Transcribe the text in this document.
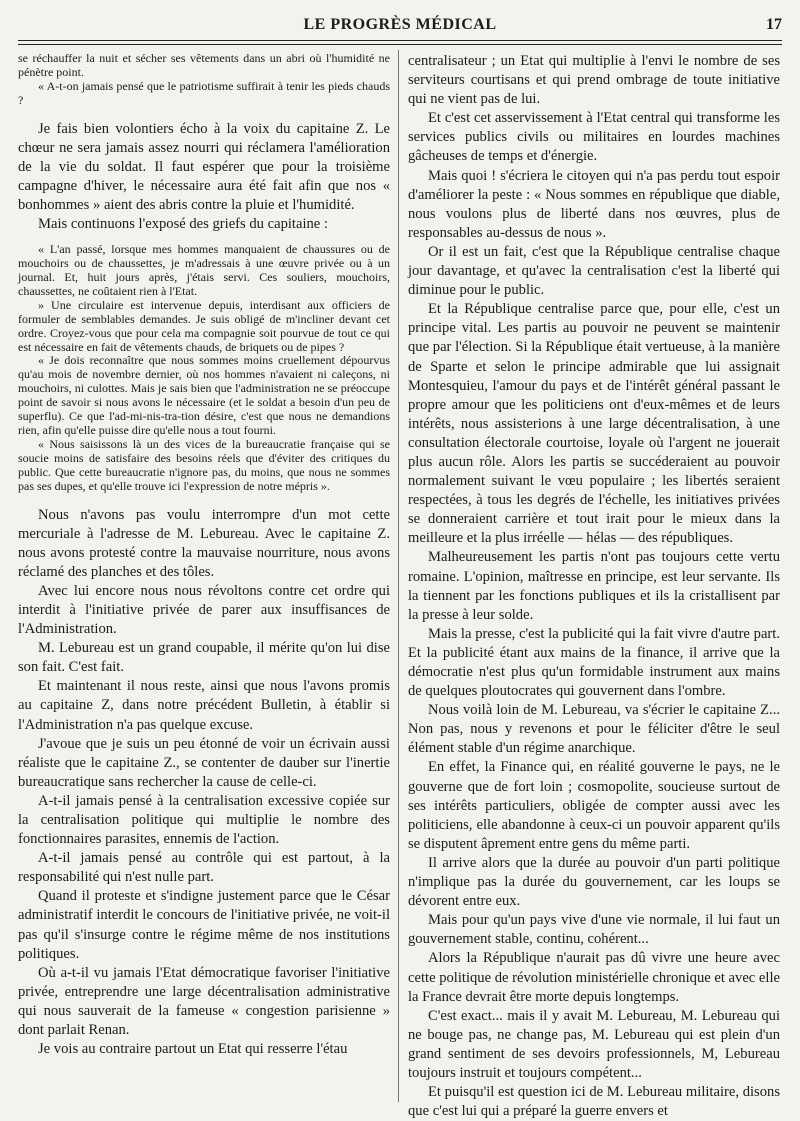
LE PROGRÈS MÉDICAL	17

se réchauffer la nuit et sécher ses vêtements dans un abri où l'humidité ne pénètre point.

« A-t-on jamais pensé que le patriotisme suffirait à tenir les pieds chauds ?

Je fais bien volontiers écho à la voix du capitaine Z. Le chœur ne sera jamais assez nourri qui réclamera l'amélioration de la vie du soldat. Il faut espérer que pour la troisième campagne d'hiver, le nécessaire aura été fait afin que nos « bonhommes » aient des abris contre la pluie et l'humidité.

Mais continuons l'exposé des griefs du capitaine :

« L'an passé, lorsque mes hommes manquaient de chaussures ou de mouchoirs ou de chaussettes, je m'adressais à une œuvre privée ou à un journal. Et, huit jours après, j'étais servi. Ces souliers, mouchoirs, chaussettes, ne coûtaient rien à l'Etat.

» Une circulaire est intervenue depuis, interdisant aux officiers de formuler de semblables demandes. Je suis obligé de m'incliner devant cet ordre. Croyez-vous que pour cela ma compagnie soit pourvue de tout ce qui est nécessaire en fait de vêtements chauds, de briquets ou de pipes ?

« Je dois reconnaître que nous sommes moins cruellement dépourvus qu'au mois de novembre dernier, où nos hommes n'avaient ni caleçons, ni mouchoirs, ni culottes. Mais je sais bien que l'administration ne se préoccupe point de savoir si nous avons le nécessaire (et le soldat a besoin d'un peu de superflu). Ce que l'ad-mi-nis-tra-tion désire, c'est que nous ne demandions rien, afin qu'elle puisse dire qu'elle nous a tout fourni.

« Nous saisissons là un des vices de la bureaucratie française qui se soucie moins de satisfaire des besoins réels que d'éviter des critiques du public. Que cette bureaucratie n'ignore pas, du moins, que nous ne sommes pas ses dupes, et qu'elle trouve ici l'expression de notre mépris ».

Nous n'avons pas voulu interrompre d'un mot cette mercuriale à l'adresse de M. Lebureau. Avec le capitaine Z. nous avons protesté contre la mauvaise nourriture, nous avons réclamé des planches et des tôles.

Avec lui encore nous nous révoltons contre cet ordre qui interdit à l'initiative privée de parer aux insuffisances de l'Administration.

M. Lebureau est un grand coupable, il mérite qu'on lui dise son fait. C'est fait.

Et maintenant il nous reste, ainsi que nous l'avons promis au capitaine Z, dans notre précédent Bulletin, à établir si l'Administration n'a pas quelque excuse.

J'avoue que je suis un peu étonné de voir un écrivain aussi réaliste que le capitaine Z., se contenter de dauber sur l'inertie bureaucratique sans rechercher la cause de celle-ci.

A-t-il jamais pensé à la centralisation excessive copiée sur la centralisation politique qui multiplie le nombre des fonctionnaires parasites, ennemis de l'action.

A-t-il jamais pensé au contrôle qui est partout, à la responsabilité qui n'est nulle part.

Quand il proteste et s'indigne justement parce que le César administratif interdit le concours de l'initiative privée, ne voit-il pas qu'il s'insurge contre le régime même de nos institutions politiques.

Où a-t-il vu jamais l'Etat démocratique favoriser l'initiative privée, entreprendre une large décentralisation administrative qui nous sauverait de la fameuse « congestion parisienne » dont parlait Renan.

Je vois au contraire partout un Etat qui resserre l'étau

centralisateur ; un Etat qui multiplie à l'envi le nombre de ses serviteurs courtisans et qui prend ombrage de toute initiative qui ne vient pas de lui.

Et c'est cet asservissement à l'Etat central qui transforme les services publics civils ou militaires en lourdes machines gâcheuses de temps et d'énergie.

Mais quoi ! s'écriera le citoyen qui n'a pas perdu tout espoir d'améliorer la peste : « Nous sommes en république que diable, nous voulons plus de liberté dans nos œuvres, plus de responsables au-dessus de nous ».

Or il est un fait, c'est que la République centralise chaque jour davantage, et qu'avec la centralisation c'est la liberté qui diminue pour le public.

Et la République centralise parce que, pour elle, c'est un principe vital. Les partis au pouvoir ne peuvent se maintenir que par l'élection. Si la République était vertueuse, à la manière de Sparte et selon le principe admirable que lui assignait Montesquieu, l'amour du pays et de l'intérêt général passant le propre amour que les politiciens ont d'eux-mêmes et de leurs intérêts, nous assisterions à une large décentralisation, à une consultation électorale courtoise, loyale où l'argent ne jouerait plus aucun rôle. Alors les partis se succéderaient au pouvoir normalement suivant le vœu populaire ; les libertés seraient respectées, à tous les degrés de l'échelle, les initiatives privées se donneraient carrière et tout irait pour le mieux dans la meilleure et la plus irréelle — hélas — des républiques.

Malheureusement les partis n'ont pas toujours cette vertu romaine. L'opinion, maîtresse en principe, est leur servante. Ils la tiennent par les fonctions publiques et ils la cristallisent par la presse à leur solde.

Mais la presse, c'est la publicité qui la fait vivre d'autre part. Et la publicité étant aux mains de la finance, il arrive que la démocratie n'est plus qu'un formidable instrument aux mains de quelques ploutocrates qui gouvernent dans l'ombre.

Nous voilà loin de M. Lebureau, va s'écrier le capitaine Z... Non pas, nous y revenons et pour le féliciter d'être le seul élément stable d'un régime anarchique.

En effet, la Finance qui, en réalité gouverne le pays, ne le gouverne que de fort loin ; cosmopolite, soucieuse surtout de ses intérêts particuliers, obligée de compter aussi avec les politiciens, elle abandonne à ceux-ci un pouvoir apparent qu'ils se disputent âprement entre gens du même parti.

Il arrive alors que la durée au pouvoir d'un parti politique n'implique pas la durée du gouvernement, car les loups se dévorent entre eux.

Mais pour qu'un pays vive d'une vie normale, il lui faut un gouvernement stable, continu, cohérent...

Alors la République n'aurait pas dû vivre une heure avec cette politique de révolution ministérielle chronique et avec elle la France devrait être morte depuis longtemps.

C'est exact... mais il y avait M. Lebureau, M. Lebureau qui ne bouge pas, ne change pas, M. Lebureau qui est plein d'un grand sentiment de ses devoirs professionnels, M, Lebureau toujours instruit et toujours compétent...

Et puisqu'il est question ici de M. Lebureau militaire, disons que c'est lui qui a préparé la guerre envers et
